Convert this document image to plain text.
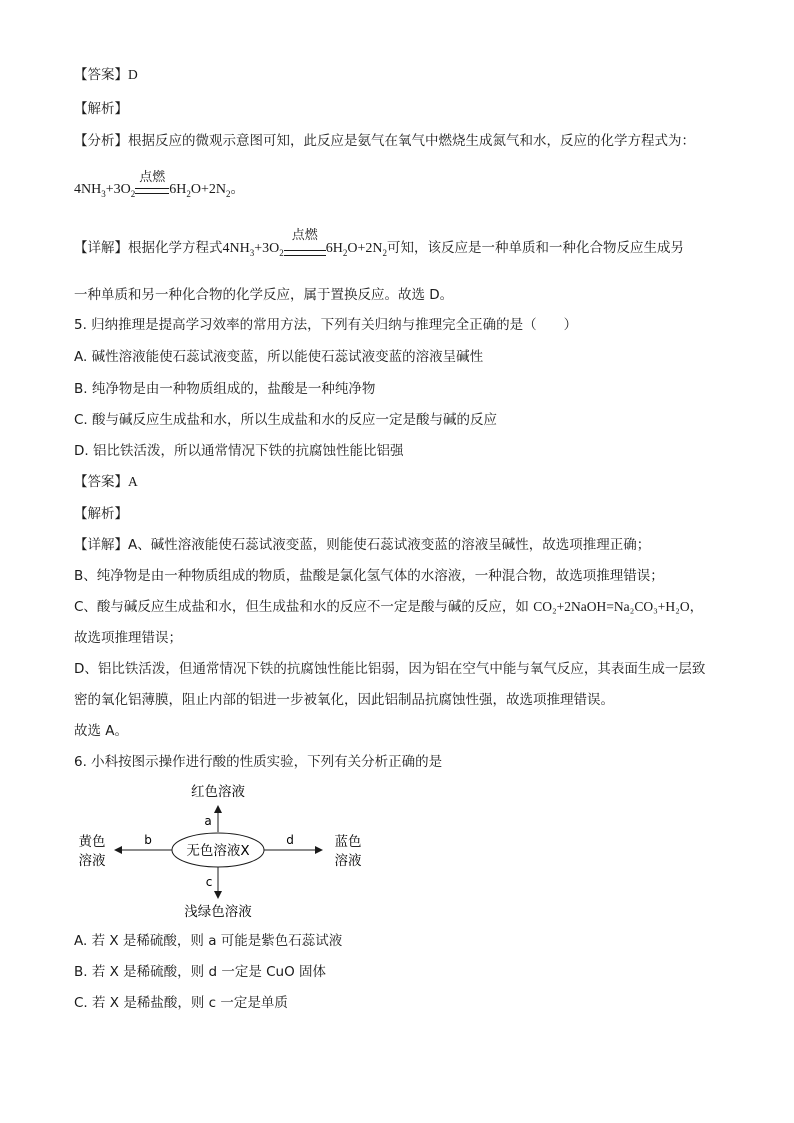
【答案】D
【解析】
【分析】根据反应的微观示意图可知，此反应是氨气在氧气中燃烧生成氮气和水，反应的化学方程式为：
$4NH_3+3O_2$
点燃
$6H_2O+2N_2$。
【详解】根据化学方程式$4NH_3+3O_2$
点燃
$6H_2O+2N_2$可知，该反应是一种单质和一种化合物反应生成另
一种单质和另一种化合物的化学反应，属于置换反应。故选 D。
5. 归纳推理是提高学习效率的常用方法，下列有关归纳与推理完全正确的是（　　）
A. 碱性溶液能使石蕊试液变蓝，所以能使石蕊试液变蓝的溶液呈碱性
B. 纯净物是由一种物质组成的，盐酸是一种纯净物
C. 酸与碱反应生成盐和水，所以生成盐和水的反应一定是酸与碱的反应
D. 铝比铁活泼，所以通常情况下铁的抗腐蚀性能比铝强
【答案】A
【解析】
【详解】A、碱性溶液能使石蕊试液变蓝，则能使石蕊试液变蓝的溶液呈碱性，故选项推理正确；
B、纯净物是由一种物质组成的物质，盐酸是氯化氢气体的水溶液，一种混合物，故选项推理错误；
C、酸与碱反应生成盐和水，但生成盐和水的反应不一定是酸与碱的反应，如 CO₂+2NaOH=Na₂CO₃+H₂O，
故选项推理错误；
D、铝比铁活泼，但通常情况下铁的抗腐蚀性能比铝弱，因为铝在空气中能与氧气反应，其表面生成一层致
密的氧化铝薄膜，阻止内部的铝进一步被氧化，因此铝制品抗腐蚀性强，故选项推理错误。
故选 A。
6. 小科按图示操作进行酸的性质实验，下列有关分析正确的是
红色溶液
a
无色溶液X
b
黄色
溶液
d	蓝色
溶液
c
浅绿色溶液
A. 若 X 是稀硫酸，则 a 可能是紫色石蕊试液
B. 若 X 是稀硫酸，则 d 一定是 CuO 固体
C. 若 X 是稀盐酸，则 c 一定是单质
